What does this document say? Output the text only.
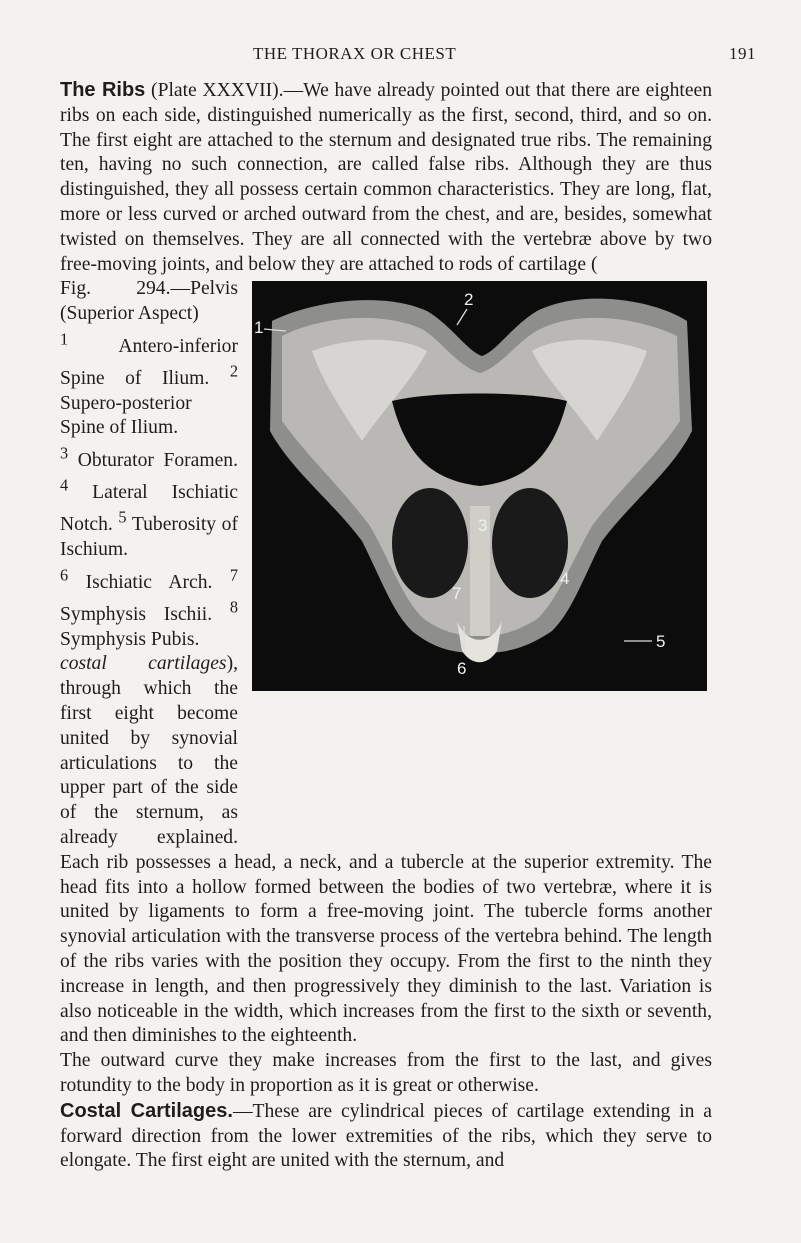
THE THORAX OR CHEST	191

The Ribs (Plate XXXVII).—We have already pointed out that there are eighteen ribs on each side, distinguished numerically as the first, second, third, and so on. The first eight are attached to the sternum and designated true ribs. The remaining ten, having no such connection, are called false ribs. Although they are thus distinguished, they all possess certain common characteristics. They are long, flat, more or less curved or arched outward from the chest, and are, besides, somewhat twisted on themselves. They are all connected with the vertebræ above by two free-moving joints, and below they are attached to rods of cartilage (
1
2
3
4
5
6
7
8

Fig. 294.—Pelvis (Superior Aspect)
$^1$	Antero-inferior Spine of Ilium. $^2$ Supero-posterior Spine of Ilium.
$^3$ Obturator Foramen. $^4$ Lateral Ischiatic Notch. $^5$ Tuberosity of Ischium.
$^6$ Ischiatic Arch. $^7$ Symphysis Ischii. $^8$ Symphysis Pubis.
costal cartilages), through which the first eight become united by synovial articulations to the upper part of the side of the sternum, as already explained. Each rib possesses a head, a neck, and a tubercle at the superior extremity. The head fits into a hollow formed between the bodies of two vertebræ, where it is united by ligaments to form a free-moving joint. The tubercle forms another synovial articulation with the transverse process of the vertebra behind. The length of the ribs varies with the position they occupy. From the first to the ninth they increase in length, and then progressively they diminish to the last. Variation is also noticeable in the width, which increases from the first to the sixth or seventh, and then diminishes to the eighteenth.

The outward curve they make increases from the first to the last, and gives rotundity to the body in proportion as it is great or otherwise.

Costal Cartilages.—These are cylindrical pieces of cartilage extending in a forward direction from the lower extremities of the ribs, which they serve to elongate. The first eight are united with the sternum, and
